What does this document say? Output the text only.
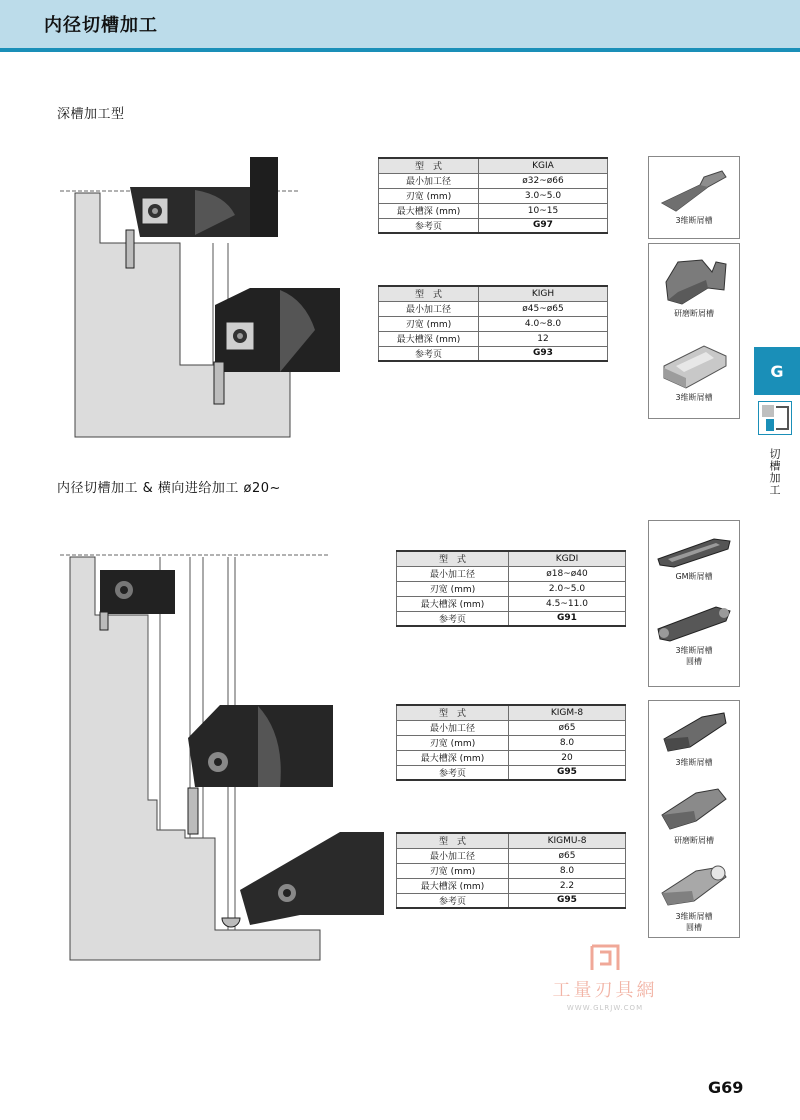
内径切槽加工
深槽加工型
内径切槽加工 & 横向进给加工 ø20~
型　式	KGIA
最小加工径	ø32~ø66
刃宽 (mm)	3.0~5.0
最大槽深 (mm)	10~15
参考页	G97
型　式	KIGH
最小加工径	ø45~ø65
刃宽 (mm)	4.0~8.0
最大槽深 (mm)	12
参考页	G93
型　式	KGDI
最小加工径	ø18~ø40
刃宽 (mm)	2.0~5.0
最大槽深 (mm)	4.5~11.0
参考页	G91
型　式	KIGM-8
最小加工径	ø65
刃宽 (mm)	8.0
最大槽深 (mm)	20
参考页	G95
型　式	KIGMU-8
最小加工径	ø65
刃宽 (mm)	8.0
最大槽深 (mm)	2.2
参考页	G95
3维断屑槽
研磨断屑槽
3维断屑槽
GM断屑槽
3维断屑槽
圆槽
3维断屑槽
研磨断屑槽
3维断屑槽
圆槽
G
切槽加工
工量刃具網
WWW.GLRJW.COM
G69
